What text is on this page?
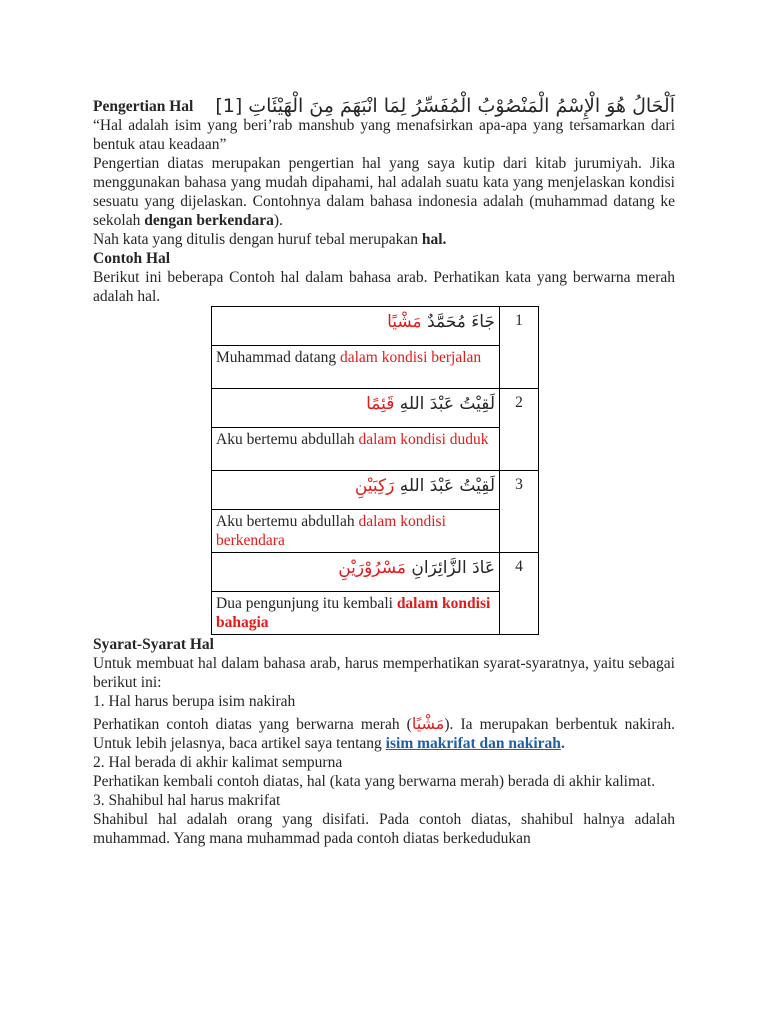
Pengertian Hal اَلْحَالُ هُوَ الْإِسْمُ الْمَنْصُوْبُ الْمُفَسِّرُ لِمَا انْبَهَمَ مِنَ الْهَيْئَاتِ [1]

“Hal adalah isim yang beri’rab manshub yang menafsirkan apa-apa yang tersamarkan dari bentuk atau keadaan”

Pengertian diatas merupakan pengertian hal yang saya kutip dari kitab jurumiyah. Jika menggunakan bahasa yang mudah dipahami, hal adalah suatu kata yang menjelaskan kondisi sesuatu yang dijelaskan. Contohnya dalam bahasa indonesia adalah (muhammad datang ke sekolah dengan berkendara).

Nah kata yang ditulis dengan huruf tebal merupakan hal.

Contoh Hal

Berikut ini beberapa Contoh hal dalam bahasa arab. Perhatikan kata yang berwarna merah adalah hal.

جَاءَ مُحَمَّدٌ مَشْيًا	1
Muhammad datang dalam kondisi berjalan	
لَقِيْتُ عَبْدَ اللهِ قَئِمًا	2
Aku bertemu abdullah dalam kondisi duduk	
لَقِيْتُ عَبْدَ اللهِ رَكِبَيْنِ	3
Aku bertemu abdullah dalam kondisi berkendara	
عَادَ الزَّائِرَانِ مَسْرُوْرَيْنِ	4
Dua pengunjung itu kembali dalam kondisi bahagia	

Syarat-Syarat Hal

Untuk membuat hal dalam bahasa arab, harus memperhatikan syarat-syaratnya, yaitu sebagai berikut ini:

1. Hal harus berupa isim nakirah

Perhatikan contoh diatas yang berwarna merah (مَشْيًا). Ia merupakan berbentuk nakirah. Untuk lebih jelasnya, baca artikel saya tentang isim makrifat dan nakirah.

2. Hal berada di akhir kalimat sempurna

Perhatikan kembali contoh diatas, hal (kata yang berwarna merah) berada di akhir kalimat.

3. Shahibul hal harus makrifat

Shahibul hal adalah orang yang disifati. Pada contoh diatas, shahibul halnya adalah muhammad. Yang mana muhammad pada contoh diatas berkedudukan
